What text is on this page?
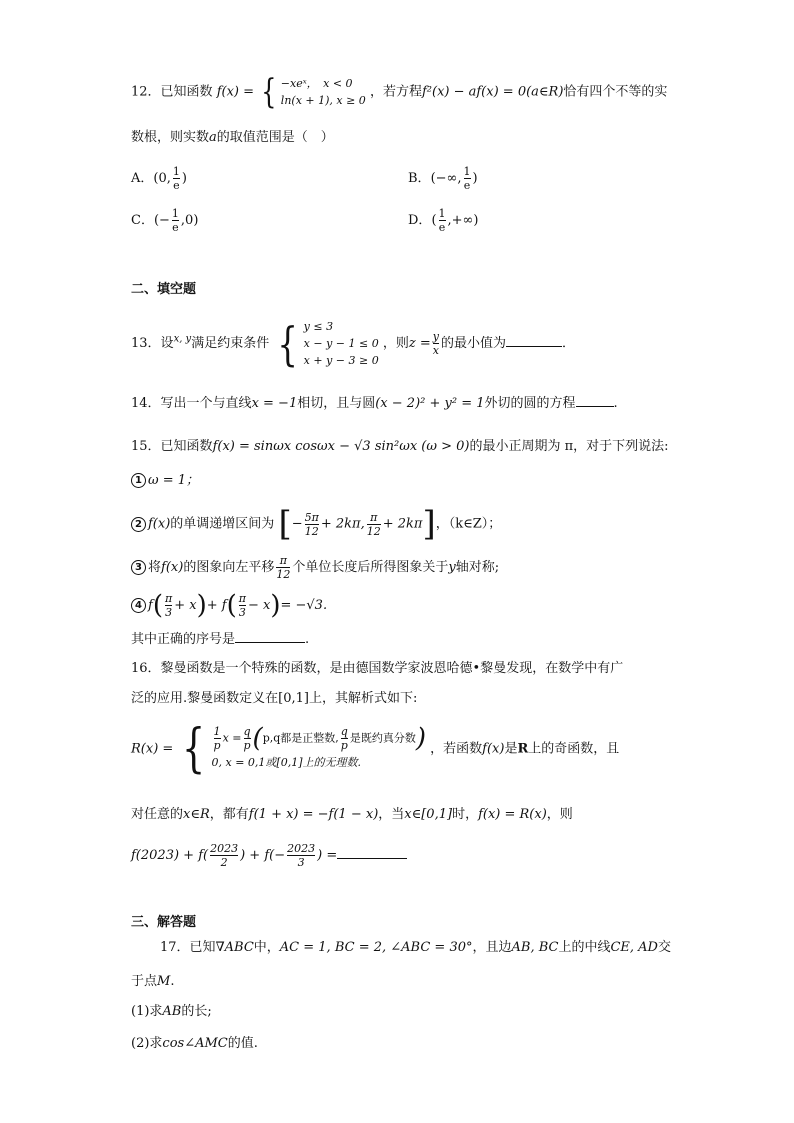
12．已知函数 f(x) = { −xeˣ，　x < 0
ln(x + 1), x ≥ 0
，若方程f²(x) − af(x) = 0(a∈R)恰有四个不等的实
数根，则实数a的取值范围是（　）
A．(0, $\frac{1}{e}$ )	B．(−∞, $\frac{1}{e}$ )
C．(− $\frac{1}{e} ,0$)	D．( $\frac{1}{e}$ ,+∞)
二、填空题
13．设$^{x, y}$满足约束条件 { y ≤ 3
x − y − 1 ≤ 0
x + y − 3 ≥ 0
，则$z = \frac{y}{x}$ 的最小值为	．
14．写出一个与直线x = −1相切，且与圆(x − 2)² + y² = 1外切的圆的方程	.
15．已知函数f(x) = sinωx cosωx − √3 sin²ωx (ω > 0)的最小正周期为 π，对于下列说法:
1 ω = 1；
2 f(x)的单调递增区间为 [− $\frac{5\pi}{12} + 2k\pi$, $\frac{\pi}{12} + 2k\pi$]，（k∈Z）；
3 将f(x)的图象向左平移 $\frac{\pi}{12}$ 个单位长度后所得图象关于y轴对称;
4 $f( \frac{\pi}{3} + x)+ f( \frac{\pi}{3} - x)= -√3$.
其中正确的序号是	.
16．黎曼函数是一个特殊的函数，是由德国数学家波恩哈德•黎曼发现，在数学中有广
泛的应用.黎曼函数定义在[0,1]上，其解析式如下:
R(x) = { $\frac{1}{p}$ $x = \frac{q}{p} (p,q$都是正整数, $\frac{q}{p}$ 是既约真分数)
0, x = 0,1或[0,1]上的无理数.
，若函数f(x)是R上的奇函数，且
对任意的x∈R，都有f(1 + x) = −f(1 − x)，当x∈[0,1]时，f(x) = R(x)，则
$f(2023) + f( \frac{2023}{2}$ ) + $f(- \frac{2023}{3}$ ) =
三、解答题
17．已知∇ABC中，AC = 1, BC = 2, ∠ABC = 30°，且边AB, BC上的中线CE, AD交
于点M.
(1)求AB的长;
(2)求cos∠AMC的值.
